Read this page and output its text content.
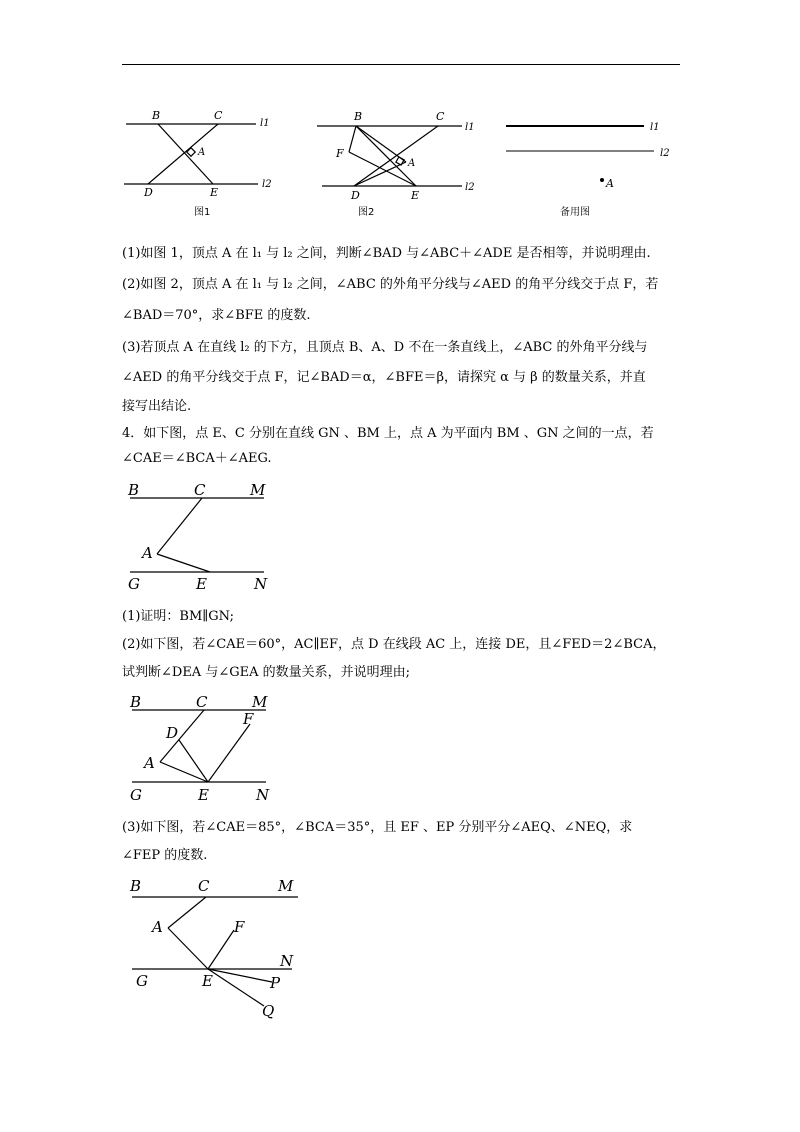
B	C
A
D	E
l1
l2
图1
B	C
F
A
D	E
l1
l2
图2
A
l1
l2
备用图
(1)如图 1，顶点 A 在 l₁ 与 l₂ 之间，判断∠BAD 与∠ABC＋∠ADE 是否相等，并说明理由.
(2)如图 2，顶点 A 在 l₁ 与 l₂ 之间，∠ABC 的外角平分线与∠AED 的角平分线交于点 F，若
∠BAD＝70°，求∠BFE 的度数.
(3)若顶点 A 在直线 l₂ 的下方，且顶点 B、A、D 不在一条直线上，∠ABC 的外角平分线与
∠AED 的角平分线交于点 F，记∠BAD＝α，∠BFE＝β，请探究 α 与 β 的数量关系，并直
接写出结论.
4．如下图，点 E、C 分别在直线 GN 、BM 上，点 A 为平面内 BM 、GN 之间的一点，若
∠CAE＝∠BCA＋∠AEG.
B	C	M
A
G	E	N
(1)证明：BM∥GN;
(2)如下图，若∠CAE＝60°，AC∥EF，点 D 在线段 AC 上，连接 DE，且∠FED＝2∠BCA，
试判断∠DEA 与∠GEA 的数量关系，并说明理由;
B	C	M
D
F
A
G	E	N
(3)如下图，若∠CAE＝85°，∠BCA＝35°，且 EF 、EP 分别平分∠AEQ、∠NEQ，求
∠FEP 的度数.
B	C	M
A	F
N
G	E	P
Q
